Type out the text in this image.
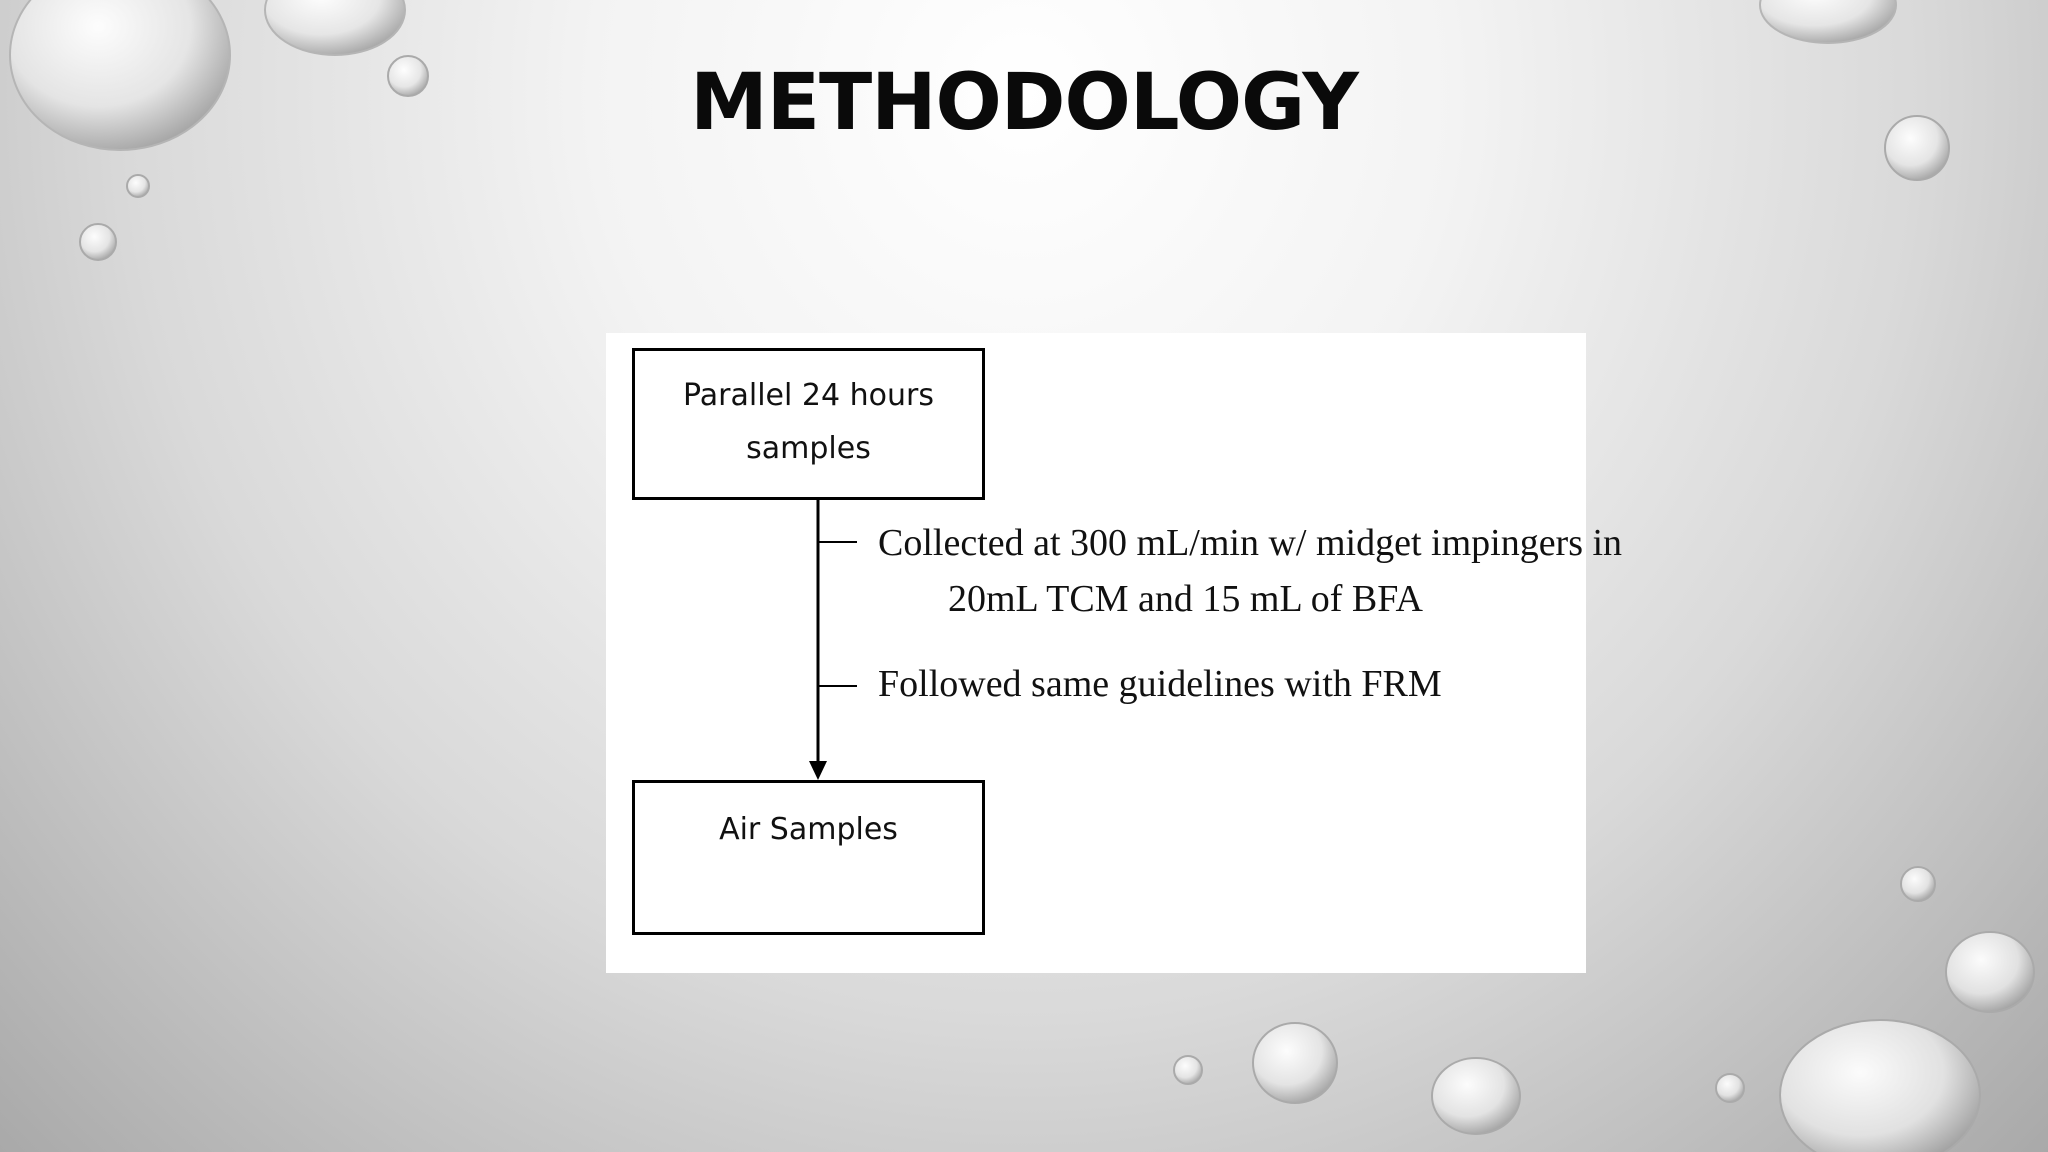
METHODOLOGY
Parallel 24 hours
samples
Collected at 300 mL/min w/ midget impingers in
20mL TCM and 15 mL of BFA
Followed same guidelines with FRM
Air Samples
